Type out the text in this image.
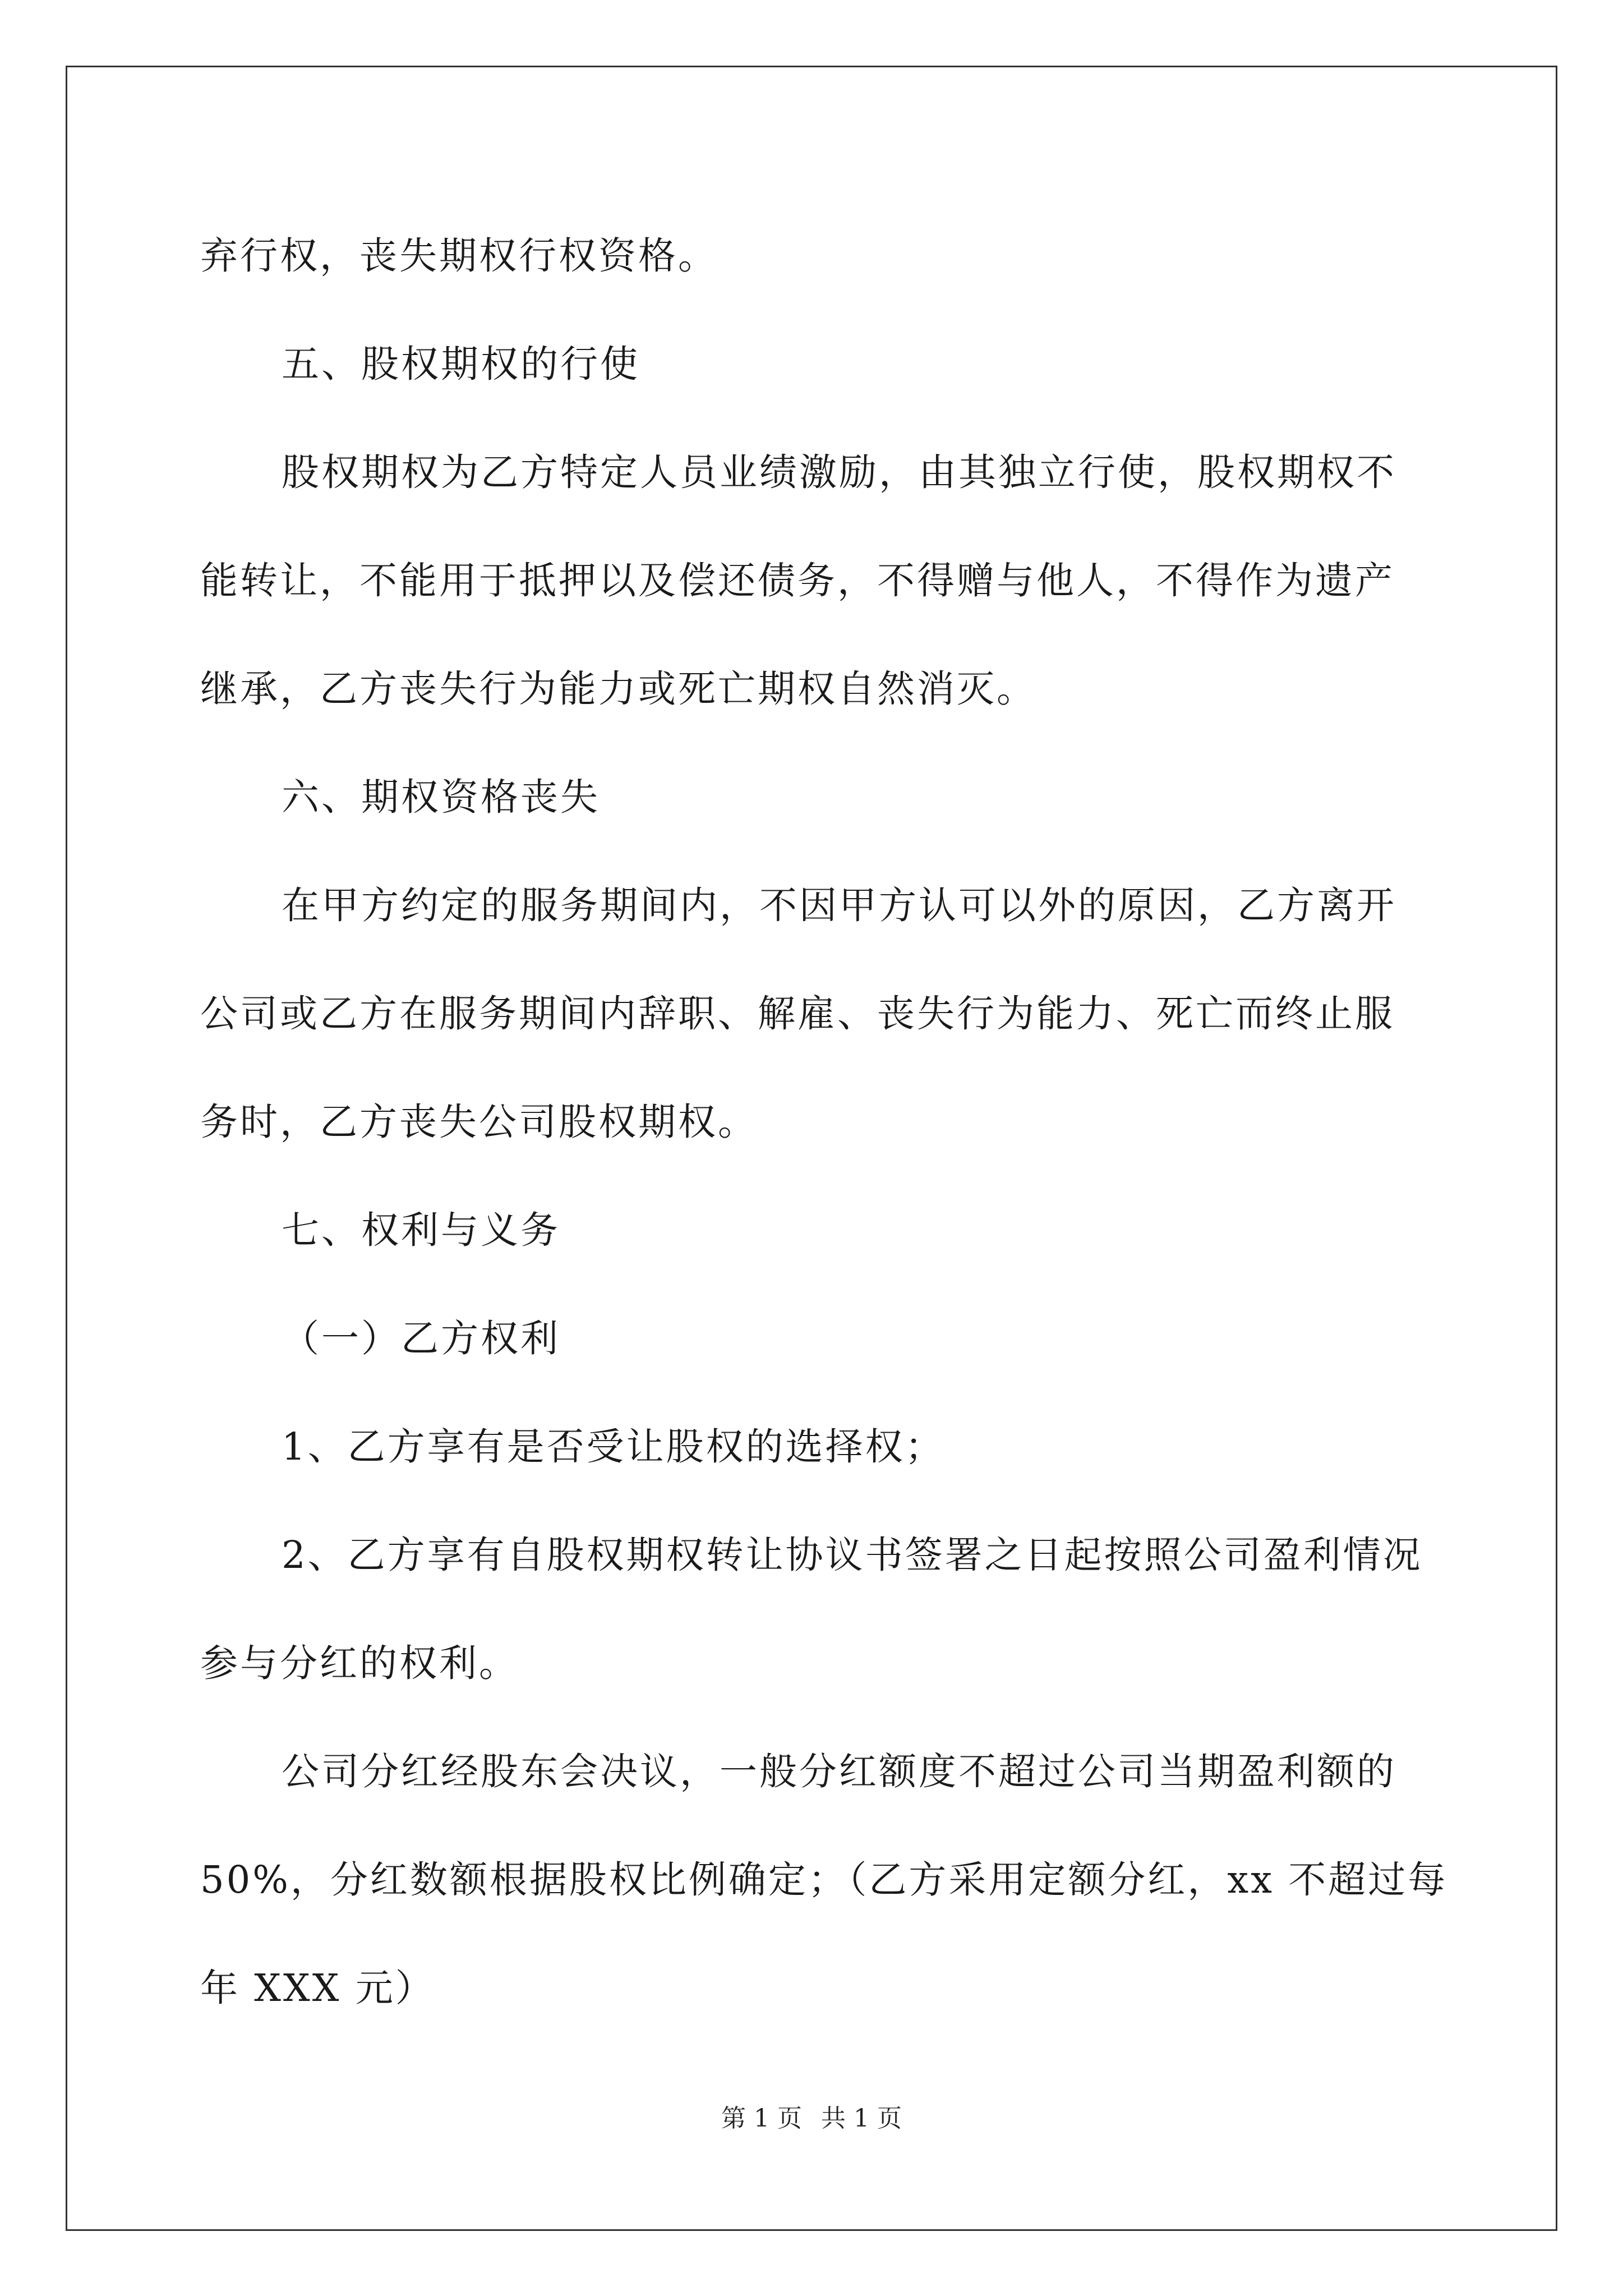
弃行权，丧失期权行权资格。

五、股权期权的行使

股权期权为乙方特定人员业绩激励，由其独立行使，股权期权不

能转让，不能用于抵押以及偿还债务，不得赠与他人，不得作为遗产

继承，乙方丧失行为能力或死亡期权自然消灭。

六、期权资格丧失

在甲方约定的服务期间内，不因甲方认可以外的原因，乙方离开

公司或乙方在服务期间内辞职、解雇、丧失行为能力、死亡而终止服

务时，乙方丧失公司股权期权。

七、权利与义务

（一）乙方权利

1、乙方享有是否受让股权的选择权；

2、乙方享有自股权期权转让协议书签署之日起按照公司盈利情况

参与分红的权利。

公司分红经股东会决议，一般分红额度不超过公司当期盈利额的

50%，分红数额根据股权比例确定；（乙方采用定额分红，xx 不超过每

年 XXX 元）

第 1 页 共 1 页
